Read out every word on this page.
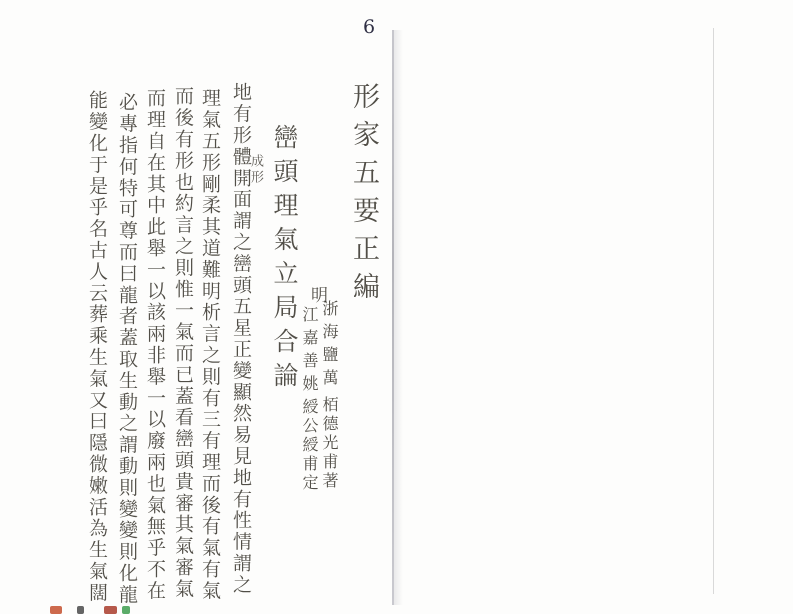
6
形家五要正編
明
浙海鹽萬
栢德光甫著
江嘉善姚
綬公綬甫定
巒頭理氣立局合論
成形
地有形體開面謂之巒頭五星正變顯然易見地有性情謂之
理氣五形剛柔其道難明析言之則有三有理而後有氣有氣
而後有形也約言之則惟一氣而已蓋看巒頭貴審其氣審氣
而理自在其中此舉一以該兩非舉一以廢兩也氣無乎不在
必專指何特可尊而曰龍者蓋取生動之謂動則變變則化龍
能變化于是乎名古人云葬乘生氣又曰隱微嫩活為生氣闊
